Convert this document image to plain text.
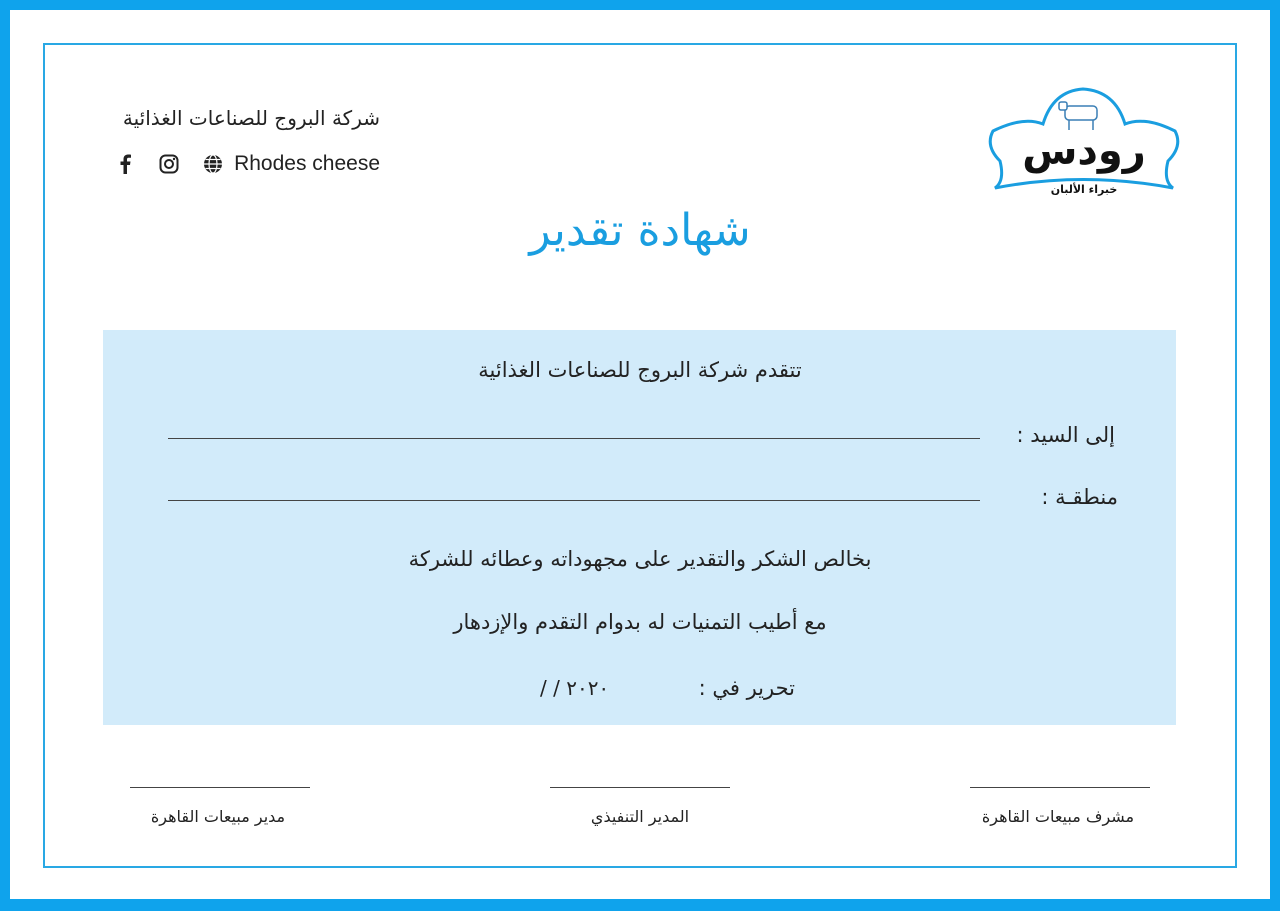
شركة البروج للصناعات الغذائية
Rhodes cheese	رودس
خبراء الألبان
شهادة تقدير
تتقدم شركة البروج للصناعات الغذائية
إلى السيد :
منطقـة :
بخالص الشكر والتقدير على مجهوداته وعطائه للشركة
مع أطيب التمنيات له بدوام التقدم والإزدهار
تحرير في :
/ / ٢٠٢٠
مشرف مبيعات القاهرة
المدير التنفيذي
مدير مبيعات القاهرة
